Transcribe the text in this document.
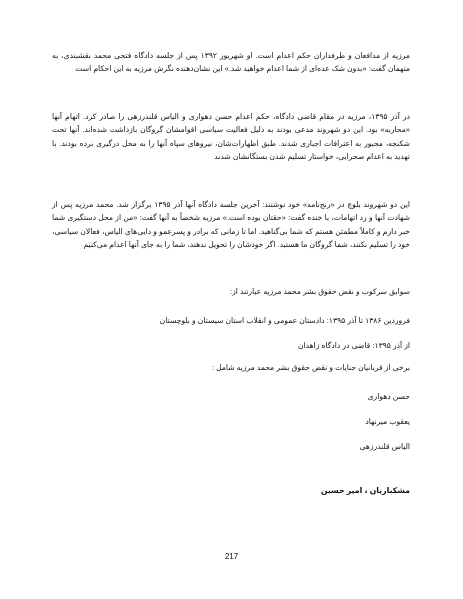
مرزیه از مدافعان و طرفداران حکم اعدام است. او شهریور ۱۳۹۲ پس از جلسه دادگاه فتحی محمد نقشبندی، به متهمان گفت: «بدون شک عده‌ای از شما اعدام خواهید شد.» این نشان‌دهنده نگرش مرزیه به این احکام است

در آذر ۱۳۹۵، مرزیه در مقام قاضی دادگاه، حکم اعدام حسن دهواری و الیاس قلندرزهی را صادر کرد. اتهام آنها «محاربه» بود. این دو شهروند مدعی بودند به دلیل فعالیت سیاسی اقوامشان گروگان بازداشت شده‌اند. آنها تحت شکنجه، مجبور به اعترافات اجباری شدند. طبق اظهارات‌شان، نیروهای سپاه آنها را به محل درگیری برده بودند. با تهدید به اعدام صحرایی، خواستار تسلیم شدن بستگانشان شدند

این دو شهروند بلوچ در «رنج‌نامه» خود نوشتند: آخرین جلسه دادگاه آنها آذر ۱۳۹۵ برگزار شد. محمد مرزیه پس از شهادت آنها و رد اتهامات، با خنده گفت: «حقتان بوده است.» مرزیه شخصاً به آنها گفت: «من از محل دستگیری شما خبر دارم و کاملاً مطمئن هستم که شما بی‌گناهید. اما تا زمانی که برادر و پسرعمو و دایی‌های الیاس، فعالان سیاسی، خود را تسلیم نکنند، شما گروگان ما هستید. اگر خودشان را تحویل ندهند، شما را به جای آنها اعدام می‌کنیم

سوابق سرکوب و نقض حقوق بشر محمد مرزیه عبارتند از:

فروردین ۱۳۸۶ تا آذر ۱۳۹۵: دادستان عمومی و انقلاب استان سیستان و بلوچستان

از آذر ۱۳۹۵: قاضی در دادگاه زاهدان

برخی از قربانیان جنایات و نقض حقوق بشر محمد مرزیه شامل :

حسن دهواری

یعقوب میرنهاد

الیاس قلندرزهی

مشکباریان ، امیر حسین

217
